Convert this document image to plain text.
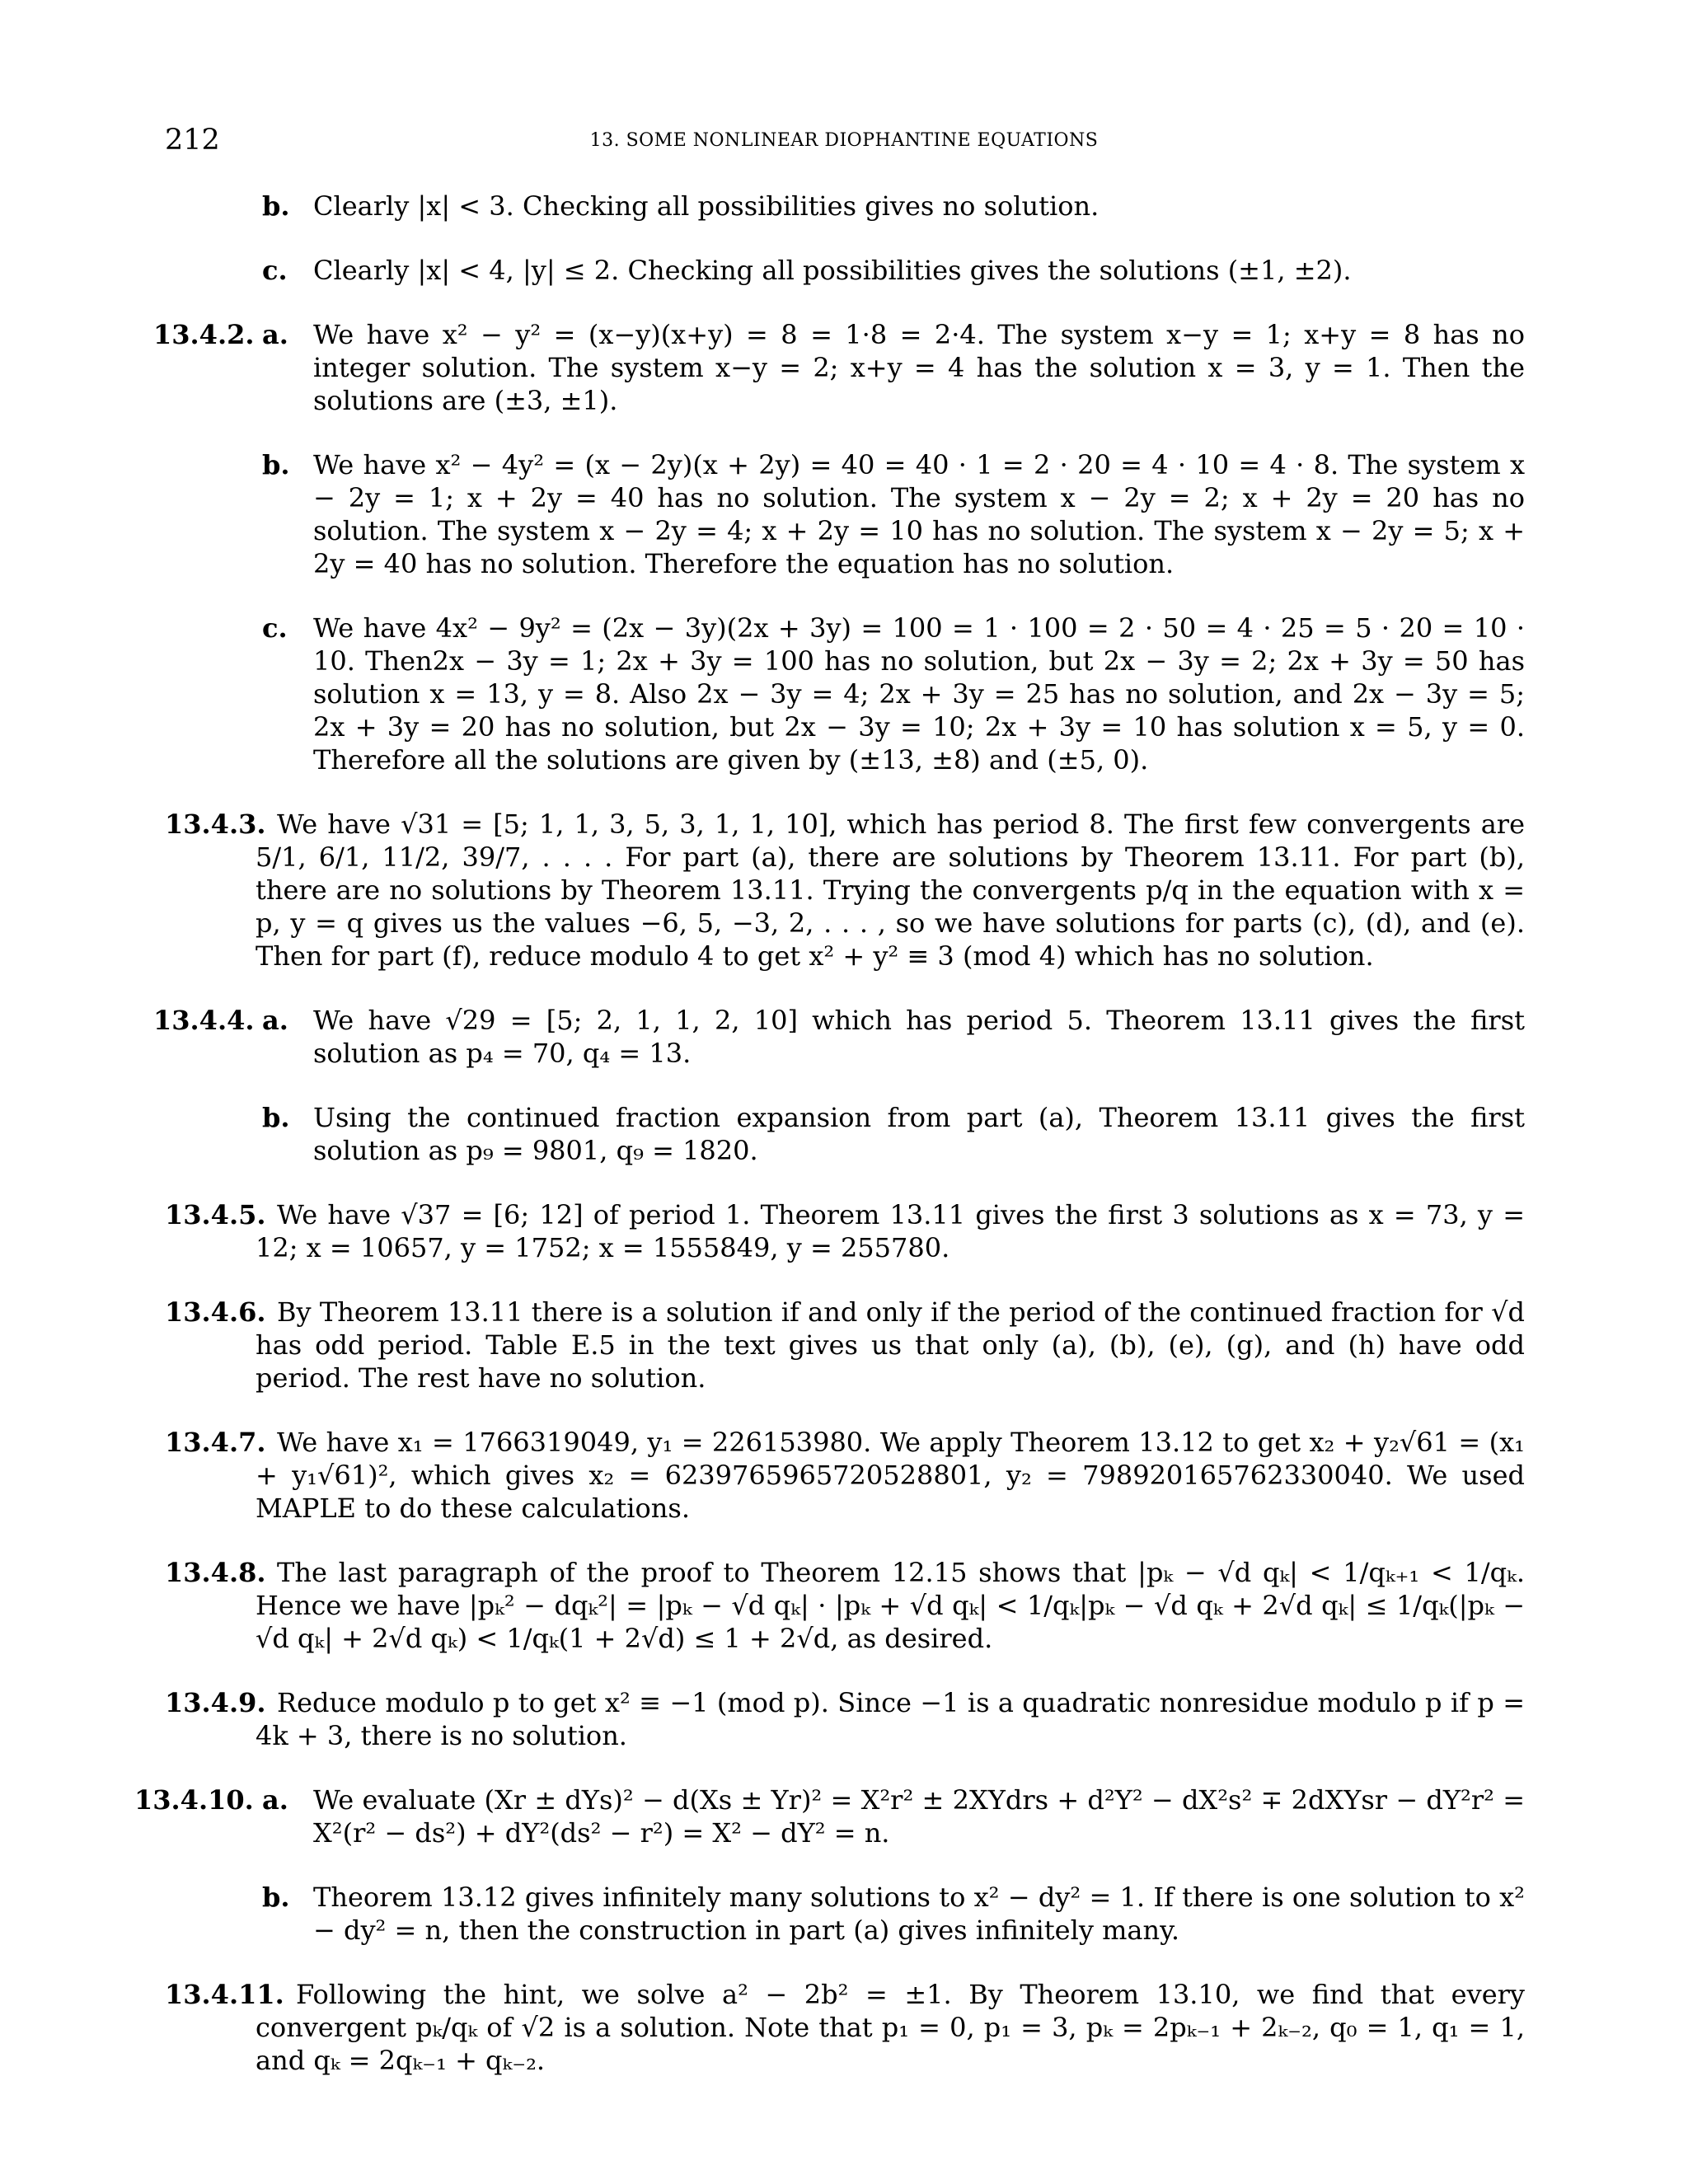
212	13. SOME NONLINEAR DIOPHANTINE EQUATIONS
b. Clearly |x| < 3. Checking all possibilities gives no solution.

c. Clearly |x| < 4, |y| ≤ 2. Checking all possibilities gives the solutions (±1, ±2).

13.4.2. a. We have x² − y² = (x−y)(x+y) = 8 = 1·8 = 2·4. The system x−y = 1; x+y = 8 has no integer solution. The system x−y = 2; x+y = 4 has the solution x = 3, y = 1. Then the solutions are (±3, ±1).

b. We have x² − 4y² = (x − 2y)(x + 2y) = 40 = 40 · 1 = 2 · 20 = 4 · 10 = 4 · 8. The system x − 2y = 1; x + 2y = 40 has no solution. The system x − 2y = 2; x + 2y = 20 has no solution. The system x − 2y = 4; x + 2y = 10 has no solution. The system x − 2y = 5; x + 2y = 40 has no solution. Therefore the equation has no solution.

c. We have 4x² − 9y² = (2x − 3y)(2x + 3y) = 100 = 1 · 100 = 2 · 50 = 4 · 25 = 5 · 20 = 10 · 10. Then2x − 3y = 1; 2x + 3y = 100 has no solution, but 2x − 3y = 2; 2x + 3y = 50 has solution x = 13, y = 8. Also 2x − 3y = 4; 2x + 3y = 25 has no solution, and 2x − 3y = 5; 2x + 3y = 20 has no solution, but 2x − 3y = 10; 2x + 3y = 10 has solution x = 5, y = 0. Therefore all the solutions are given by (±13, ±8) and (±5, 0).

13.4.3. We have √31 = [5; 1, 1, 3, 5, 3, 1, 1, 10], which has period 8. The first few convergents are 5/1, 6/1, 11/2, 39/7, . . . . For part (a), there are solutions by Theorem 13.11. For part (b), there are no solutions by Theorem 13.11. Trying the convergents p/q in the equation with x = p, y = q gives us the values −6, 5, −3, 2, . . . , so we have solutions for parts (c), (d), and (e). Then for part (f), reduce modulo 4 to get x² + y² ≡ 3 (mod 4) which has no solution.

13.4.4. a. We have √29 = [5; 2, 1, 1, 2, 10] which has period 5. Theorem 13.11 gives the first solution as p₄ = 70, q₄ = 13.

b. Using the continued fraction expansion from part (a), Theorem 13.11 gives the first solution as p₉ = 9801, q₉ = 1820.

13.4.5. We have √37 = [6; 12] of period 1. Theorem 13.11 gives the first 3 solutions as x = 73, y = 12; x = 10657, y = 1752; x = 1555849, y = 255780.

13.4.6. By Theorem 13.11 there is a solution if and only if the period of the continued fraction for √d has odd period. Table E.5 in the text gives us that only (a), (b), (e), (g), and (h) have odd period. The rest have no solution.

13.4.7. We have x₁ = 1766319049, y₁ = 226153980. We apply Theorem 13.12 to get x₂ + y₂√61 = (x₁ + y₁√61)², which gives x₂ = 6239765965720528801, y₂ = 798920165762330040. We used MAPLE to do these calculations.

13.4.8. The last paragraph of the proof to Theorem 12.15 shows that |pₖ − √d qₖ| < 1/qₖ₊₁ < 1/qₖ. Hence we have |pₖ² − dqₖ²| = |pₖ − √d qₖ| · |pₖ + √d qₖ| < 1/qₖ|pₖ − √d qₖ + 2√d qₖ| ≤ 1/qₖ(|pₖ − √d qₖ| + 2√d qₖ) < 1/qₖ(1 + 2√d) ≤ 1 + 2√d, as desired.

13.4.9. Reduce modulo p to get x² ≡ −1 (mod p). Since −1 is a quadratic nonresidue modulo p if p = 4k + 3, there is no solution.

13.4.10. a. We evaluate (Xr ± dYs)² − d(Xs ± Yr)² = X²r² ± 2XYdrs + d²Y² − dX²s² ∓ 2dXYsr − dY²r² = X²(r² − ds²) + dY²(ds² − r²) = X² − dY² = n.

b. Theorem 13.12 gives infinitely many solutions to x² − dy² = 1. If there is one solution to x² − dy² = n, then the construction in part (a) gives infinitely many.

13.4.11. Following the hint, we solve a² − 2b² = ±1. By Theorem 13.10, we find that every convergent pₖ/qₖ of √2 is a solution. Note that p₁ = 0, p₁ = 3, pₖ = 2pₖ₋₁ + 2ₖ₋₂, q₀ = 1, q₁ = 1, and qₖ = 2qₖ₋₁ + qₖ₋₂.
